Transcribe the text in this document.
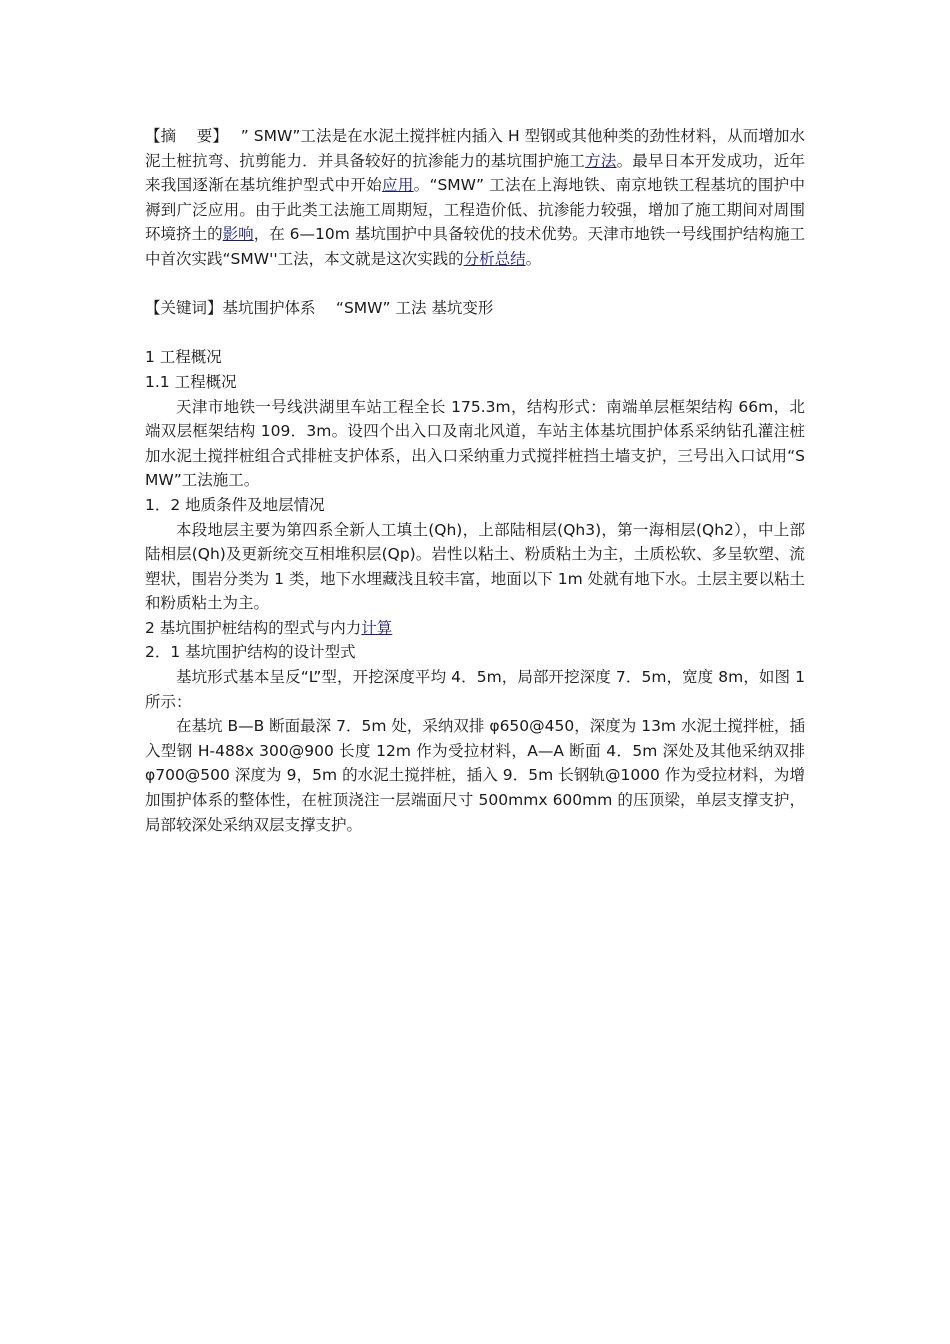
【摘　 要】　 ” SMW”工法是在水泥土搅拌桩内插入 H 型钢或其他种类的劲性材料，从而增加水泥土桩抗弯、抗剪能力．并具备较好的抗渗能力的基坑围护施工方法。最早日本开发成功，近年来我国逐渐在基坑维护型式中开始应用。“SMW” 工法在上海地铁、南京地铁工程基坑的围护中褥到广泛应用。由于此类工法施工周期短，工程造价低、抗渗能力较强，增加了施工期间对周围环境挤土的影响，在 6—10m 基坑围护中具备较优的技术优势。天津市地铁一号线围护结构施工中首次实践“SMW''工法，本文就是这次实践的分析总结。

【关键词】基坑围护体系　 “SMW” 工法 基坑变形

1 工程概况

1.1 工程概况

天津市地铁一号线洪湖里车站工程全长 175.3m，结构形式：南端单层框架结构 66m，北端双层框架结构 109．3m。设四个出入口及南北风道，车站主体基坑围护体系采纳钻孔灌注桩加水泥土搅拌桩组合式排桩支护体系，出入口采纳重力式搅拌桩挡土墙支护，三号出入口试用“SMW”工法施工。

1．2 地质条件及地层情况

本段地层主要为第四系全新人工填土(Qh)，上部陆相层(Qh3)，第一海相层(Qh2），中上部陆相层(Qh)及更新统交互相堆积层(Qp)。岩性以粘土、粉质粘土为主，土质松软、多呈软塑、流塑状，围岩分类为 1 类，地下水埋藏浅且较丰富，地面以下 1m 处就有地下水。土层主要以粘土和粉质粘土为主。

2 基坑围护桩结构的型式与内力计算

2．1 基坑围护结构的设计型式

基坑形式基本呈反“L”型，开挖深度平均 4．5m，局部开挖深度 7．5m，宽度 8m，如图 1 所示：

在基坑 B—B 断面最深 7．5m 处，采纳双排 φ650@450，深度为 13m 水泥土搅拌桩，插入型钢 H-488x 300@900 长度 12m 作为受拉材料，A—A 断面 4．5m 深处及其他采纳双排 φ700@500 深度为 9，5m 的水泥土搅拌桩，插入 9．5m 长钢轨@1000 作为受拉材料，为增加围护体系的整体性，在桩顶浇注一层端面尺寸 500mmx 600mm 的压顶梁，单层支撑支护，局部较深处采纳双层支撑支护。
